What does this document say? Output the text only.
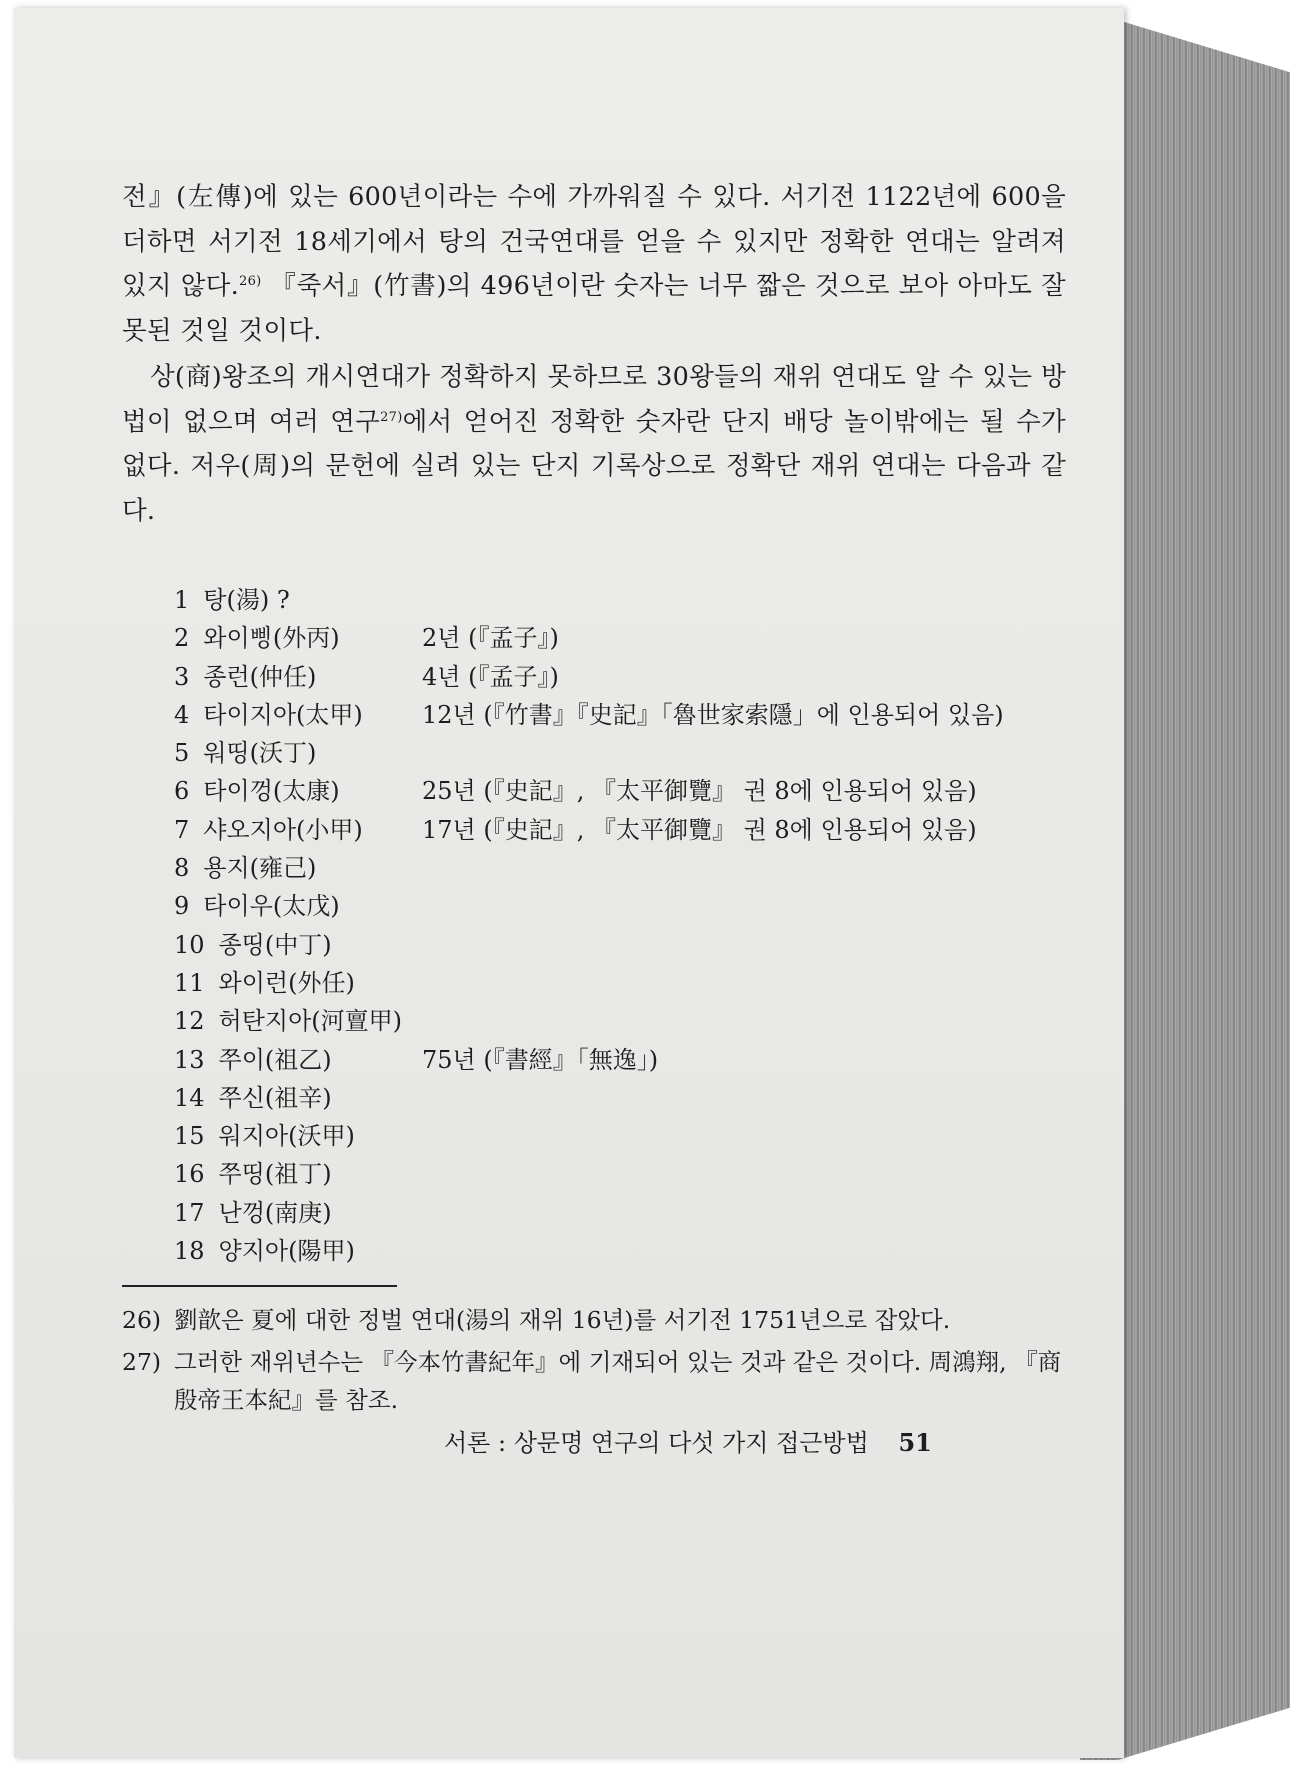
전』(左傳)에 있는 600년이라는 수에 가까워질 수 있다. 서기전 1122년에 600을 더하면 서기전 18세기에서 탕의 건국연대를 얻을 수 있지만 정확한 연대는 알려져 있지 않다.$^{26)}$ 『죽서』(竹書)의 496년이란 숫자는 너무 짧은 것으로 보아 아마도 잘못된 것일 것이다.

상(商)왕조의 개시연대가 정확하지 못하므로 30왕들의 재위 연대도 알 수 있는 방법이 없으며 여러 연구$^{27)}$에서 얻어진 정확한 숫자란 단지 배당 놀이밖에는 될 수가 없다. 저우(周)의 문헌에 실려 있는 단지 기록상으로 정확단 재위 연대는 다음과 같다.

1 탕(湯) ?
2 와이삥(外丙)	2년 (『孟子』)
3 종런(仲任)	4년 (『孟子』)
4 타이지아(太甲)	12년 (『竹書』『史記』「魯世家索隱」에 인용되어 있음)
5 워띵(沃丁)
6 타이껑(太康)	25년 (『史記』, 『太平御覽』 권 8에 인용되어 있음)
7 샤오지아(小甲)	17년 (『史記』, 『太平御覽』 권 8에 인용되어 있음)
8 용지(雍己)
9 타이우(太戊)
10 종띵(中丁)
11 와이런(外任)
12 허탄지아(河亶甲)
13 쭈이(祖乙)	75년 (『書經』「無逸」)
14 쭈신(祖辛)
15 워지아(沃甲)
16 쭈띵(祖丁)
17 난껑(南庚)
18 양지아(陽甲)
26) 劉歆은 夏에 대한 정벌 연대(湯의 재위 16년)를 서기전 1751년으로 잡았다.
27) 그러한 재위년수는 『今本竹書紀年』에 기재되어 있는 것과 같은 것이다. 周鴻翔, 『商殷帝王本紀』를 참조.
서론 : 상문명 연구의 다섯 가지 접근방법 51
